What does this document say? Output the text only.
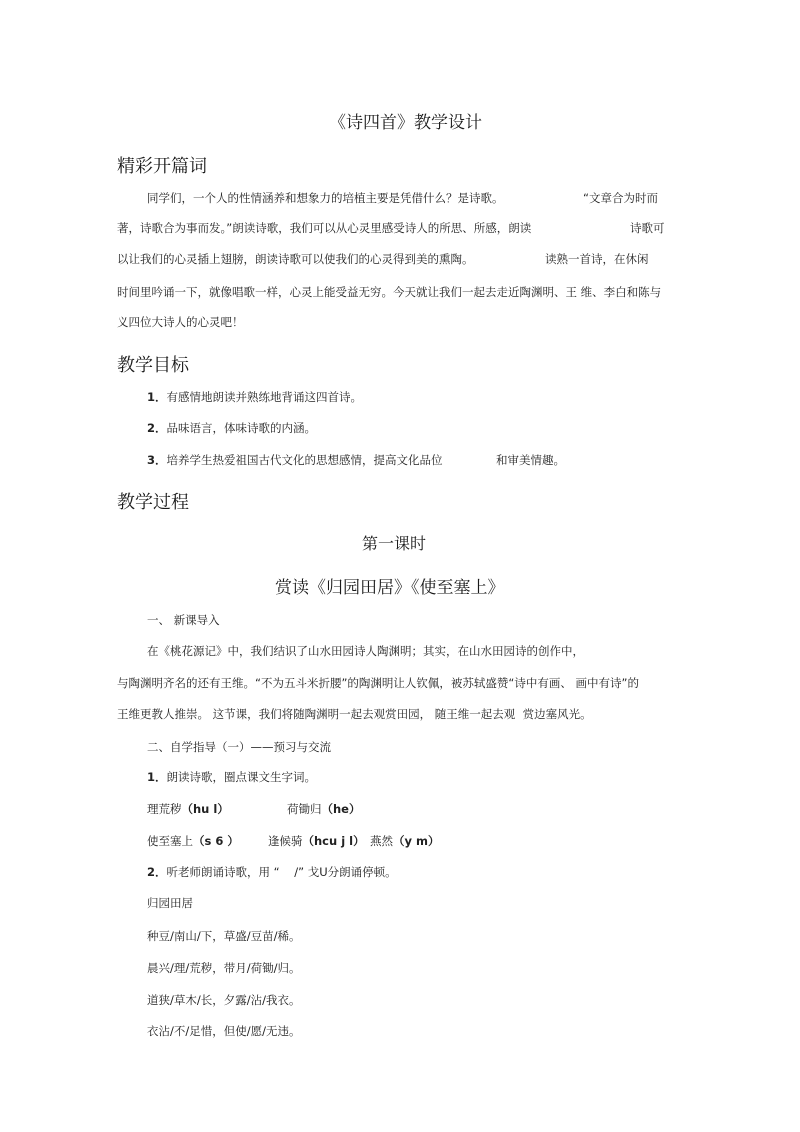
《诗四首》教学设计
精彩开篇词
同学们，一个人的性情涵养和想象力的培植主要是凭借什么？是诗歌。	“文章合为时而
著，诗歌合为事而发。”朗读诗歌，我们可以从心灵里感受诗人的所思、所感，朗读	诗歌可
以让我们的心灵插上翅膀，朗读诗歌可以使我们的心灵得到美的熏陶。	读熟一首诗，在休闲
时间里吟诵一下，就像唱歌一样，心灵上能受益无穷。今天就让我们一起去走近陶渊明、王 维、李白和陈与
义四位大诗人的心灵吧！
教学目标
1．有感情地朗读并熟练地背诵这四首诗。
2．品味语言，体味诗歌的内涵。
3．培养学生热爱祖国古代文化的思想感情，提高文化品位	和审美情趣。
教学过程
第一课时
赏读《归园田居》《使至塞上》
一、 新课导入
在《桃花源记》中，我们结识了山水田园诗人陶渊明；其实，在山水田园诗的创作中，
与陶渊明齐名的还有王维。“不为五斗米折腰”的陶渊明让人钦佩，被苏轼盛赞“诗中有画、 画中有诗”的
王维更教人推崇。 这节课，我们将随陶渊明一起去观赏田园， 随王维一起去观  赏边塞风光。
二、自学指导（一）——预习与交流
1．朗读诗歌，圈点课文生字词。
理荒秽（hu l）	荷锄归（he）
使至塞上（s 6 ）	逢候骑（hcu j l） 燕然（y m）
2．听老师朗诵诗歌，用 “    /” 戈U分朗诵停顿。
归园田居
种豆/南山/下，草盛/豆苗/稀。
晨兴/理/荒秽，带月/荷锄/归。
道狭/草木/长，夕露/沾/我衣。
衣沾/不/足惜，但使/愿/无违。
